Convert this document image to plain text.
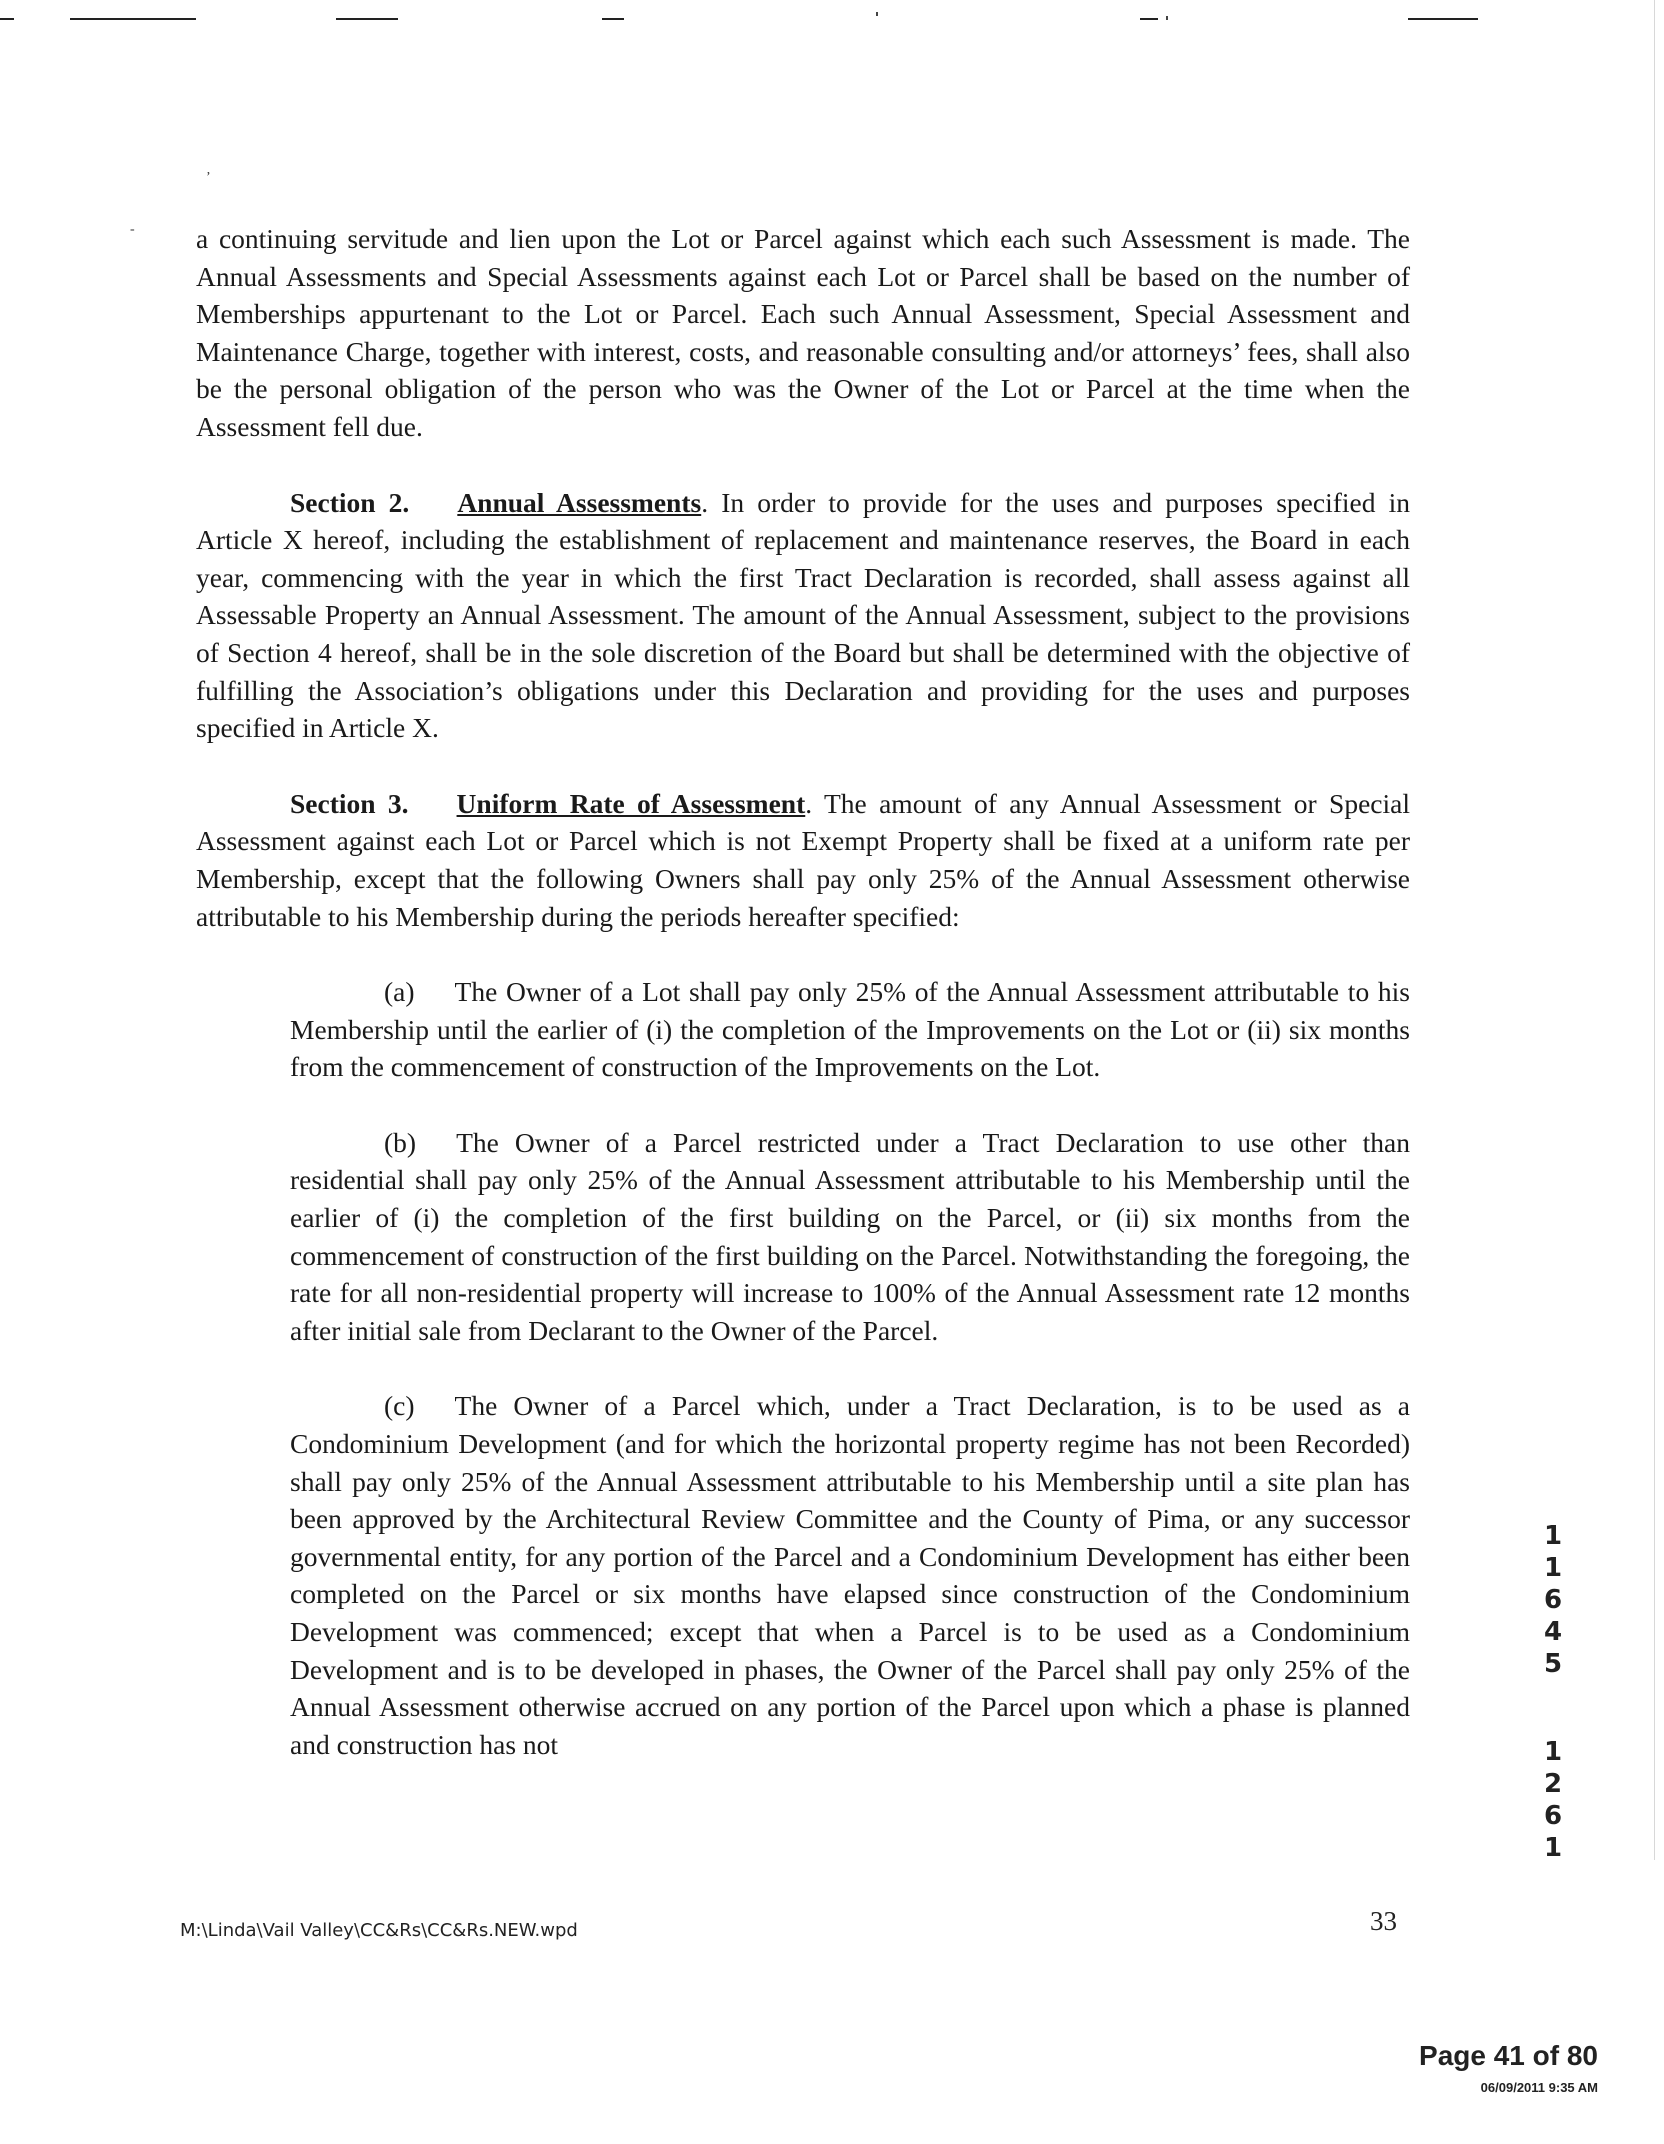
’
- a continuing servitude and lien upon the Lot or Parcel against which each such Assessment is made. The Annual Assessments and Special Assessments against each Lot or Parcel shall be based on the number of Memberships appurtenant to the Lot or Parcel. Each such Annual Assessment, Special Assessment and Maintenance Charge, together with interest, costs, and reasonable consulting and/or attorneys’ fees, shall also be the personal obligation of the person who was the Owner of the Lot or Parcel at the time when the Assessment fell due.

Section 2. Annual Assessments. In order to provide for the uses and purposes specified in Article X hereof, including the establishment of replacement and maintenance reserves, the Board in each year, commencing with the year in which the first Tract Declaration is recorded, shall assess against all Assessable Property an Annual Assessment. The amount of the Annual Assessment, subject to the provisions of Section 4 hereof, shall be in the sole discretion of the Board but shall be determined with the objective of fulfilling the Association’s obligations under this Declaration and providing for the uses and purposes specified in Article X.

Section 3. Uniform Rate of Assessment. The amount of any Annual Assessment or Special Assessment against each Lot or Parcel which is not Exempt Property shall be fixed at a uniform rate per Membership, except that the following Owners shall pay only 25% of the Annual Assessment otherwise attributable to his Membership during the periods hereafter specified:

(a) The Owner of a Lot shall pay only 25% of the Annual Assessment attributable to his Membership until the earlier of (i) the completion of the Improvements on the Lot or (ii) six months from the commencement of construction of the Improvements on the Lot.

(b) The Owner of a Parcel restricted under a Tract Declaration to use other than residential shall pay only 25% of the Annual Assessment attributable to his Membership until the earlier of (i) the completion of the first building on the Parcel, or (ii) six months from the commencement of construction of the first building on the Parcel. Notwithstanding the foregoing, the rate for all non-residential property will increase to 100% of the Annual Assessment rate 12 months after initial sale from Declarant to the Owner of the Parcel.

(c) The Owner of a Parcel which, under a Tract Declaration, is to be used as a Condominium Development (and for which the horizontal property regime has not been Recorded) shall pay only 25% of the Annual Assessment attributable to his Membership until a site plan has been approved by the Architectural Review Committee and the County of Pima, or any successor governmental entity, for any portion of the Parcel and a Condominium Development has either been completed on the Parcel or six months have elapsed since construction of the Condominium Development was commenced; except that when a Parcel is to be used as a Condominium Development and is to be developed in phases, the Owner of the Parcel shall pay only 25% of the Annual Assessment otherwise accrued on any portion of the Parcel upon which a phase is planned and construction has not

1
1
6
4
5
1
2
6
1
M:\Linda\Vail Valley\CC&Rs\CC&Rs.NEW.wpd	33
Page 41 of 80
06/09/2011 9:35 AM
